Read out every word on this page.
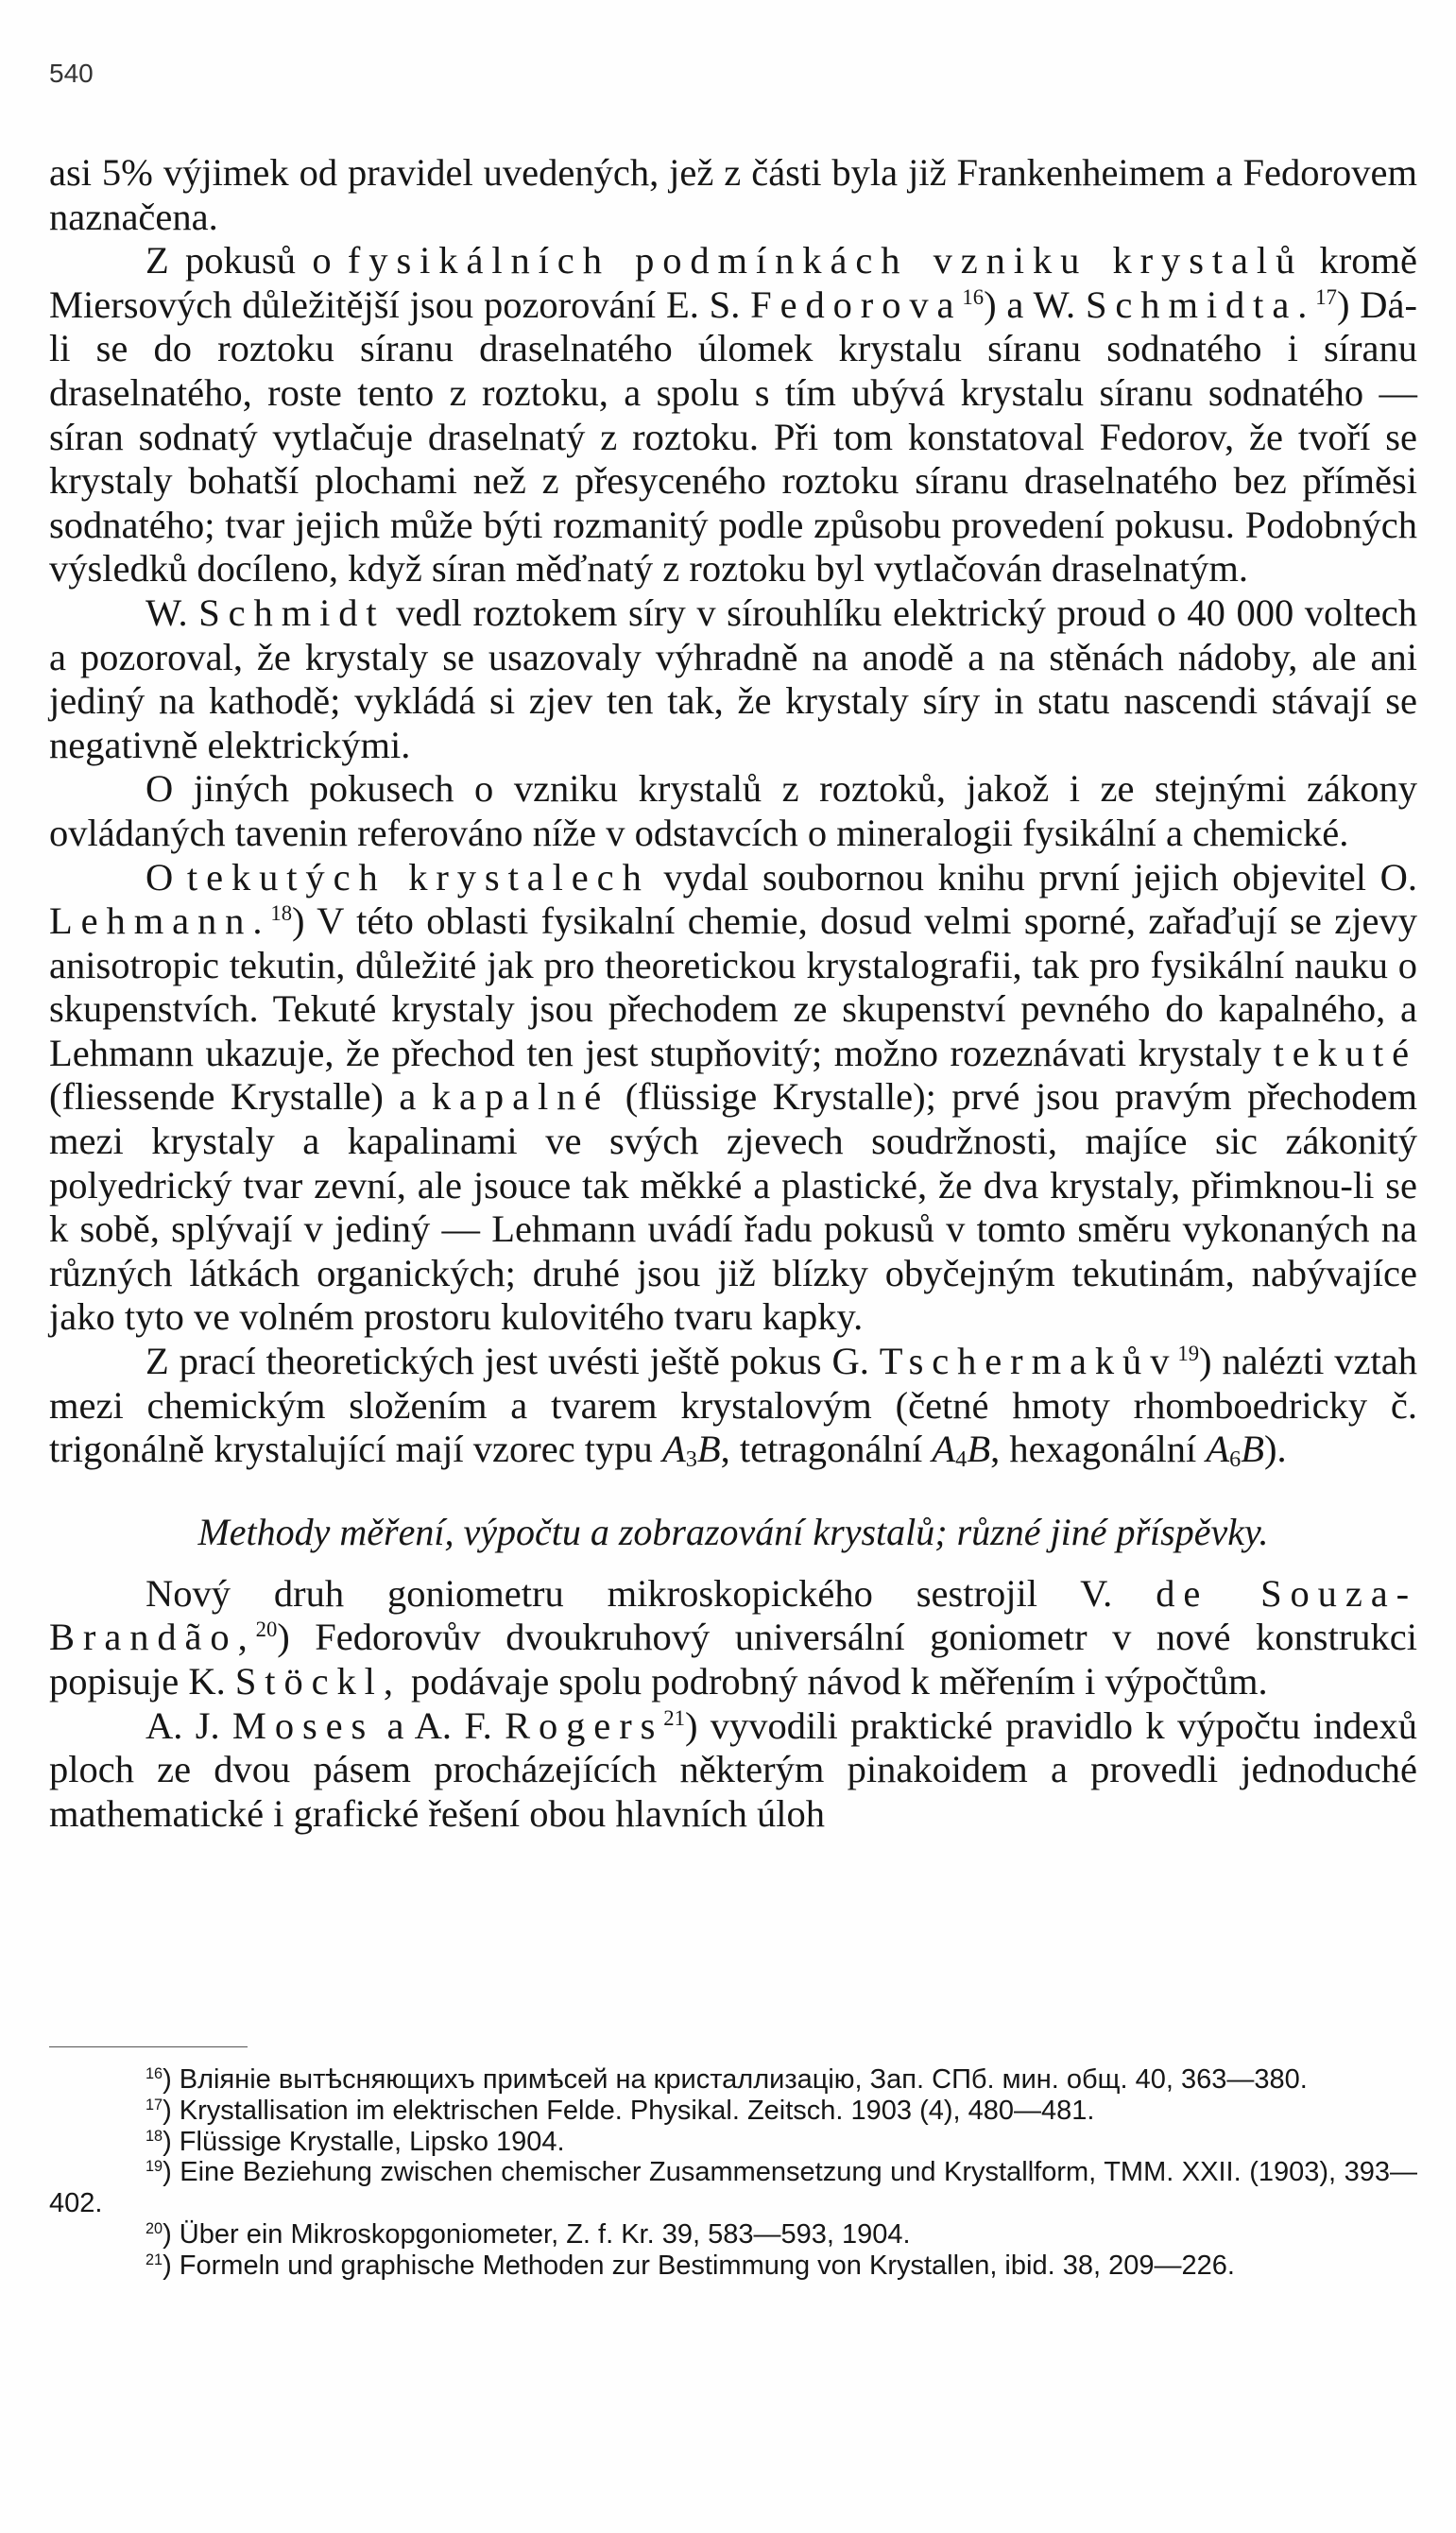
540

asi 5% výjimek od pravidel uvedených, jež z části byla již Frankenheimem a Fedorovem naznačena.

Z pokusů o fysikálních podmínkách vzniku krystalů kromě Miersových důležitější jsou pozorování E. S. Fedorova$^{16}$) a W. Schmidta.$^{17}$) Dá-li se do roztoku síranu draselnatého úlomek krystalu síranu sodnatého i síranu draselnatého, roste tento z roztoku, a spolu s tím ubývá krystalu síranu sodnatého — síran sodnatý vytlačuje draselnatý z roztoku. Při tom konstatoval Fedorov, že tvoří se krystaly bohatší plochami než z přesyceného roztoku síranu draselnatého bez příměsi sodnatého; tvar jejich může býti rozmanitý podle způsobu provedení pokusu. Podobných výsledků docíleno, když síran měďnatý z roztoku byl vytlačován draselnatým.

W. Schmidt vedl roztokem síry v sírouhlíku elektrický proud o 40 000 voltech a pozoroval, že krystaly se usazovaly výhradně na anodě a na stěnách nádoby, ale ani jediný na kathodě; vykládá si zjev ten tak, že krystaly síry in statu nascendi stávají se negativně elektrickými.

O jiných pokusech o vzniku krystalů z roztoků, jakož i ze stejnými zákony ovládaných tavenin referováno níže v odstavcích o mineralogii fysikální a chemické.

O tekutých krystalech vydal soubornou knihu první jejich objevitel O. Lehmann.$^{18}$) V této oblasti fysikalní chemie, dosud velmi sporné, zařaďují se zjevy anisotropic tekutin, důležité jak pro theoretickou krystalografii, tak pro fysikální nauku o skupenstvích. Tekuté krystaly jsou přechodem ze skupenství pevného do kapalného, a Lehmann ukazuje, že přechod ten jest stupňovitý; možno rozeznávati krystaly tekuté (fliessende Krystalle) a kapalné (flüssige Krystalle); prvé jsou pravým přechodem mezi krystaly a kapalinami ve svých zjevech soudržnosti, majíce sic zákonitý polyedrický tvar zevní, ale jsouce tak měkké a plastické, že dva krystaly, přimknou-li se k sobě, splývají v jediný — Lehmann uvádí řadu pokusů v tomto směru vykonaných na různých látkách organických; druhé jsou již blízky obyčejným tekutinám, nabývajíce jako tyto ve volném prostoru kulovitého tvaru kapky.

Z prací theoretických jest uvésti ještě pokus G. Tschermakův$^{19}$) nalézti vztah mezi chemickým složením a tvarem krystalovým (četné hmoty rhomboedricky č. trigonálně krystalující mají vzorec typu $A_3B$, tetragonální $A_4B$, hexagonální $A_6B$).

Methody měření, výpočtu a zobrazování krystalů; různé jiné příspěvky.

Nový druh goniometru mikroskopického sestrojil V. de Souza-Brandão,$^{20}$) Fedorovův dvoukruhový universální goniometr v nové konstrukci popisuje K. Stöckl, podávaje spolu podrobný návod k měřením i výpočtům.

A. J. Moses a A. F. Rogers$^{21}$) vyvodili praktické pravidlo k výpočtu indexů ploch ze dvou pásem procházejících některým pinakoidem a provedli jednoduché mathematické i grafické řešení obou hlavních úloh

$^{16}$) Вліяніе вытѣсняющихъ примѣсей на кристаллизацію, Зап. СПб. мин. общ. 40, 363—380.

$^{17}$) Krystallisation im elektrischen Felde. Physikal. Zeitsch. 1903 (4), 480—481.

$^{18}$) Flüssige Krystalle, Lipsko 1904.

$^{19}$) Eine Beziehung zwischen chemischer Zusammensetzung und Krystallform, TMM. XXII. (1903), 393—402.

$^{20}$) Über ein Mikroskopgoniometer, Z. f. Kr. 39, 583—593, 1904.

$^{21}$) Formeln und graphische Methoden zur Bestimmung von Krystallen, ibid. 38, 209—226.
